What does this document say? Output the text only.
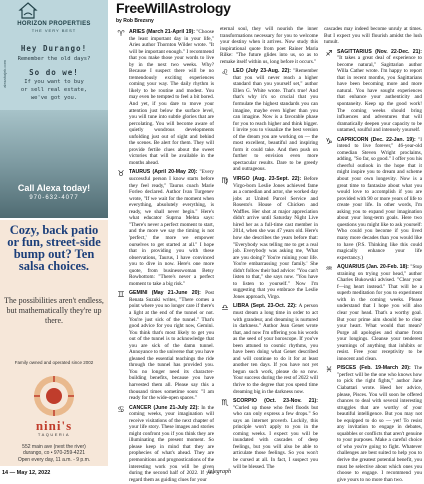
HORIZON PROPERTIES
THE VERY BEST
Hey Durango!
Remember the old days?
So do we!
If you want to buy
or sell real estate,
we've got you.
alexahajek.com
Call Alexa today!
970-632-4077
Cozy, back patio or fun, street-side bump out? Ten salsa choices.
The possibilities aren't endless, but mathematically they're up there.
Family owned and operated since 2002
nini's
TAQUERIA
552 main ave (next the river)
durango, co • 970-259-4221
Open every day, 11 a.m. - 9 p.m.
FreeWillAstrology
by Rob Brezsny

♈ ARIES (March 21-April 19): "Choose the least important day in your life," Aries author Thornton Wilder wrote. "It will be important enough." I recommend that you make those your words to live by in the next two weeks. Why? Because I suspect there will be no tremendously exciting experiences coming your way. The daily rhythm is likely to be routine and modest. You may even be tempted to feel a bit bored. And yet, if you dare to move your attention just below the surface level, you will tune into subtle glories that are percolating. You will become aware of quietly wondrous developments unfolding just out of sight and behind the scenes. Be alert for them. They will provide fertile clues about the sweet victories that will be available in the months ahead.

♉ TAURUS (April 20-May 20): "Every successful person I know starts before they feel ready," Taurus coach Marie Forleo declared. Author Ivan Turgenev wrote, "If we wait for the moment when everything, absolutely everything, is ready, we shall never begin." Here's what educator Suprna Mehta says: "There's never a perfect moment to start, and the more we say the timing is not 'perfect,' the more we empower ourselves to get started at all." I hope that in providing you with these observations, Taurus, I have convinced you to dive in now. Here's one more quote, from businesswoman Betsy Rowbottom: "There's never a perfect moment to take a big risk."

♊ GEMINI (May 21-June 20): Post Renata Suzuki writes, "There comes a point where you no longer care if there's a light at the end of the tunnel or not. You're just sick of the tunnel." That's good advice for you right now, Gemini. You think that's most likely to get you out of the tunnel is to acknowledge that you are sick of the damn tunnel. Annoyance to the universe that you have gleaned the essential teachings the ride through the tunnel has provided you. You no longer need its character-building benefits, because you have harvested them all. Please say this a thousand times sometime soon: "I am ready for the wide-open spaces."

♋ CANCER (June 21-July 22): In the coming weeks, your imagination will receive visitations of the next chapter of your life story. These images and stories might confront you if you think they are illuminating the present moment. So please keep in mind that they are prophecies of what's ahead. They are premonitions and prognostications of the interesting work you will be given during the second half of 2022. If you regard them as guiding clues for your

eternal soul, they will nourish the inner transformations necessary for you to welcome your destiny when it arrives. Now study this inspirational quote from poet Rainer Maria Rilke: "The future glides into us, so as to remake itself within us, long before it occurs."

♌ LEO (July 23-Aug. 22): "Remember that you will never reach a higher standard than you yourself set," author Ellen G. White wrote. That's true! And that's why it's so crucial that you formulate the highest standards you can imagine, maybe even higher than you can imagine. Now is a favorable phase for you to reach higher and think bigger. I invite you to visualize the best version of the dream you are working on — the most excellent, beautiful and inspiring form it could take. And then push on further to envision even more spectacular results. Dare to be greedy and outrageous.

♍ VIRGO (Aug. 23-Sept. 22): Before Virgo-born Leslie Jones achieved fame as a comedian and actor, she worked day jobs at United Parcel Service and Rosesto's House of Chicken and Waffles. Her shot at major appreciation didn't arrive until Saturday Night Live hired her as a full-time cast member in 2014, when she was 47 years old. Here's how she describes the years before that: "Everybody was telling me to get a real job. Everybody was asking me, 'What are you doing?' You're ruining your life. You're embarrassing your family.' She didn't follow their bad advice: "You can't listen to that," she says now. "You have to listen to yourself." Now I'm suggesting that you embrace the Leslie Jones approach, Virgo.

♎ LIBRA (Sept. 23-Oct. 22): A person must dream a long time in order to act with grandeur, and dreaming is nurtured in darkness." Author Jean Genet wrote that, and now I'm offering you his words as the seed of your horoscope. If you've been attuned to cosmic rhythms, you have been doing what Genet described and will continue to do it for at least another ten days. If you have not yet begun such work, please do so now. Your success during the rest of 2022 will thrive to the degree that you spend time dreaming big in the darkness now.

♏ SCORPIO (Oct. 23-Nov. 21): "Curled up those who feel floods but who can only express a few drops." So says an internet proverb. Luckily, this principle won't apply to you in the coming weeks. I expect you will be inundated with cascades of deep feelings, but you will also be able to articulate those feelings. So you won't be cursed at all. In fact, I suspect you will be blessed. The

cascades may indeed become unruly at times. But I expect you will flourish amidst the lush tumult.

♐ SAGITTARIUS (Nov. 22-Dec. 21): "It takes a great deal of experience to become natural," Sagittarian author Willa Cather wrote. I'm happy to report that in recent months, you Sagittarians have been becoming more and more natural. You have sought experiences that enhance your authenticity and spontaneity. Keep up the good work! The coming weeks should bring influences and adventures that will dramatically deepen your capacity to be untamed, soulful and intensely yourself.

♑ CAPRICORN (Dec. 22-Jan. 19): "I intend to live forever," 46-year-old comedian Steven Wright proclaims, adding, "So far, so good." I offer you his cheerful outlook in the hope that it might inspire you to dream and scheme about your own longevity. Now is a great time to fantasize about what you would love to accomplish if you are provided with 90 or more years of life to create your life. In other words, I'm asking you to expand your imagination about your long-term goals. Here two questions you might like to ask yourself: Who could you become if you lived many more decades than you would like to have (P.S. Thinking like this could magically enhance your life expectancy.)

♒ AQUARIUS (Jan. 20-Feb. 18): "Stop straining on trying your head," author Charles Bukowski advised. "Clear your f—ing heart instead." That will be a superb meditation for you to experiment with in the coming weeks. Please understand that I hope you will also clear your head. That's a worthy goal. But your prime aim should be to clear your heart. What would that mean? Purge all apologies and shame from your longings. Cleanse your tenderest yearnings of anything that inhibits or resist. Free your receptivity to be innocent and clean.

♓ PISCES (Feb. 19-March 20): The "perfect will be the one who knows how to pick the right fights," author Jane Ciabattari wrote. Heed her advice, please, Pisces. You will soon be offered chances to deal with several interesting struggles that are worthy of your beautiful intelligence. But you may not be equipped to do so — yet! To resist any invitation to engage in debates, squabbles or conflicts that aren't genuine to your purposes. Make a careful choice of who you're going to fight. Whatever challenges are best suited to help you to derive the greatest potential benefit, you must be selective about which ones you choose to engage. I recommend you give yours to no more than two.

14 — May 12, 2022	telegraph
